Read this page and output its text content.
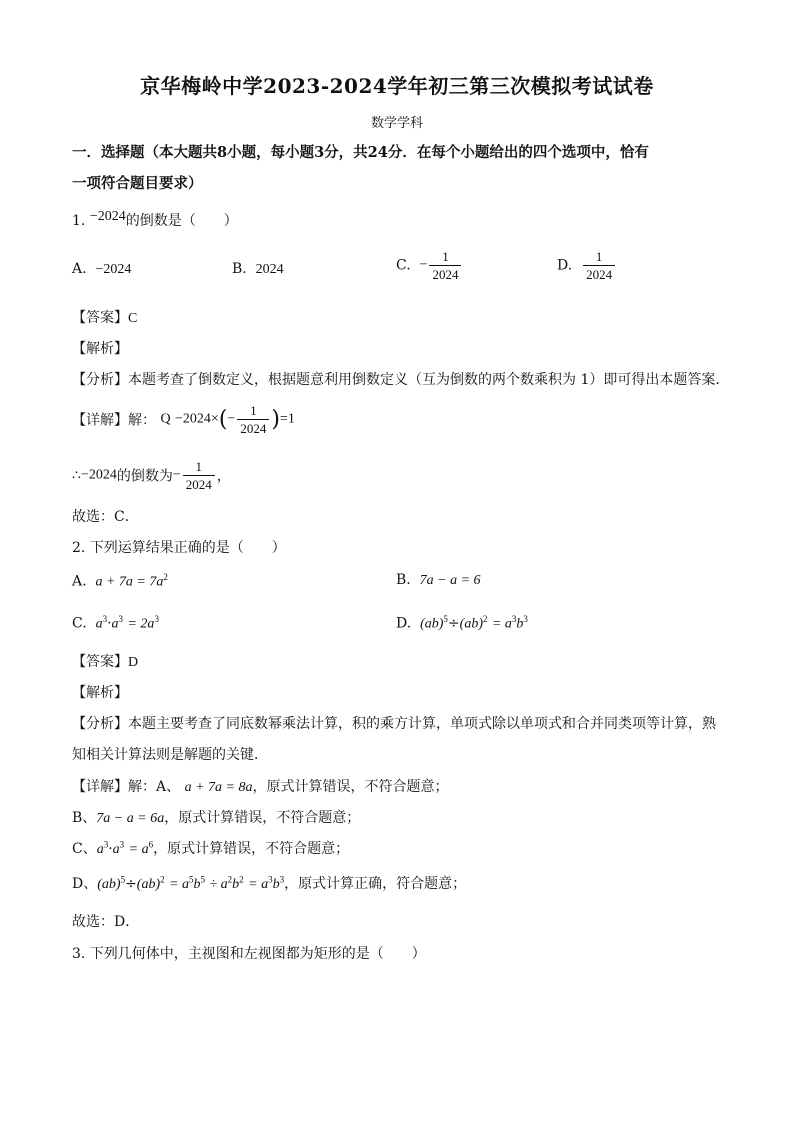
京华梅岭中学2023-2024学年初三第三次模拟考试试卷
数学学科
一．选择题（本大题共8小题，每小题3分，共24分．在每个小题给出的四个选项中，恰有
一项符合题目要求）
1. −2024的倒数是（　　）
A. −2024	B. 2024	C. − $\frac{1}{2024}$	D. $\frac{1}{2024}$
【答案】C
【解析】
【分析】本题考查了倒数定义，根据题意利用倒数定义（互为倒数的两个数乘积为 1）即可得出本题答案．
【详解】解： $Q -2024\times(- \frac{1}{2024} )=1$
∴−2024的倒数为− $\frac{1}{2024}$ ，
故选：C．
2. 下列运算结果正确的是（　　）
A. $a + 7a = 7a^2$	B. 7a − a = 6
C. $a^3\cdot a^3 = 2a^3$	D. $(ab)^5\div(ab)^2 = a^3b^3$
【答案】D
【解析】
【分析】本题主要考查了同底数幂乘法计算，积的乘方计算，单项式除以单项式和合并同类项等计算，熟
知相关计算法则是解题的关键．
【详解】解：A、 a + 7a = 8a，原式计算错误，不符合题意；
B、7a − a = 6a，原式计算错误，不符合题意；
C、$a^3\cdot a^3 = a^6$，原式计算错误，不符合题意；
D、$(ab)^5\div(ab)^2 = a^5b^5 \div a^2b^2 = a^3b^3$，原式计算正确，符合题意；
故选：D．
3. 下列几何体中，主视图和左视图都为矩形的是（　　）
